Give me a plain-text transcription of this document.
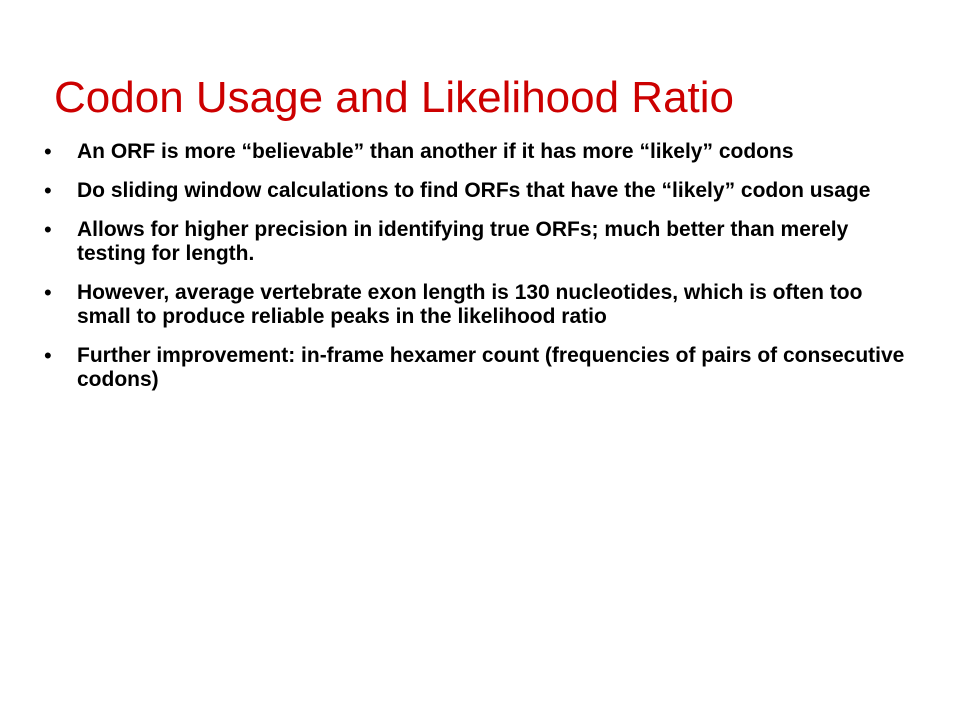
Codon Usage and Likelihood Ratio
• An ORF is more “believable” than another if it has more “likely” codons
• Do sliding window calculations to find ORFs that have the “likely” codon usage
• Allows for higher precision in identifying true ORFs; much better than merely testing for length.
• However, average vertebrate exon length is 130 nucleotides, which is often too small to produce reliable peaks in the likelihood ratio
• Further improvement: in-frame hexamer count (frequencies of pairs of consecutive codons)
